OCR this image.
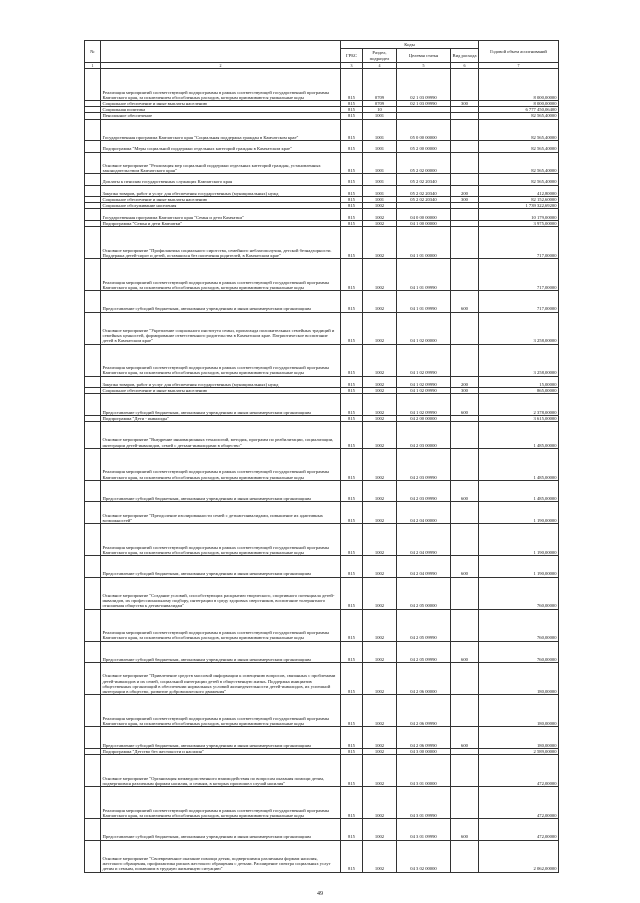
№		Коды				Годовой объем ассигнований
		ГРБС	Раздел, подраздел	Целевая статья	Вид расхода	
1	2	3	4	5	6	7
	Реализация мероприятий соответствующей подпрограммы в рамках соответствующей государственной программы Камчатского края, за исключением обособленных расходов, которым присваиваются уникальные коды	815	0709	02 1 03 09990		8 000,00000
	Социальное обеспечение и иные выплаты населению	815	0709	02 1 03 09990	300	8 000,00000
	Социальная политика	815	10			6 777 450,06400
	Пенсионное обеспечение	815	1001			82 565,40000
	Государственная программа Камчатского края "Социальная поддержка граждан в Камчатском крае"	815	1001	05 0 00 00000		82 565,40000
	Подпрограмма "Меры социальной поддержки отдельных категорий граждан в Камчатском крае"	815	1001	05 2 00 00000		82 565,40000
	Основное мероприятие "Реализация мер социальной поддержки отдельных категорий граждан, установленных законодательством Камчатского края"	815	1001	05 2 02 00000		82 565,40000
	Доплаты к пенсиям государственных служащих Камчатского края	815	1001	05 2 02 20340		82 565,40000
	Закупка товаров, работ и услуг для обеспечения государственных (муниципальных) нужд	815	1001	05 2 02 20340	200	412,80000
	Социальное обеспечение и иные выплаты населению	815	1001	05 2 02 20340	300	82 152,60000
	Социальное обслуживание населения	815	1002			1 739 322,69200
	Государственная программа Камчатского края "Семья и дети Камчатки"	815	1002	04 0 00 00000		10 179,00000
	Подпрограмма "Семья и дети Камчатки"	815	1002	04 1 00 00000		3 975,00000
	Основное мероприятие "Профилактика социального сиротства, семейного неблагополучия, детской безнадзорности. Поддержка детей-сирот и детей, оставшихся без попечения родителей, в Камчатском крае"	815	1002	04 1 01 00000		717,00000
	Реализация мероприятий соответствующей подпрограммы в рамках соответствующей государственной программы Камчатского края, за исключением обособленных расходов, которым присваиваются уникальные коды	815	1002	04 1 01 09990		717,00000
	Предоставление субсидий бюджетным, автономным учреждениям и иным некоммерческим организациям	815	1002	04 1 01 09990	600	717,00000
	Основное мероприятие "Укрепление социального института семьи, пропаганда положительных семейных традиций и семейных ценностей, формирование ответственного родительства в Камчатском крае. Патриотическое воспитание детей в Камчатском крае"	815	1002	04 1 02 00000		3 258,00000
	Реализация мероприятий соответствующей подпрограммы в рамках соответствующей государственной программы Камчатского края, за исключением обособленных расходов, которым присваиваются уникальные коды	815	1002	04 1 02 09990		3 258,00000
	Закупка товаров, работ и услуг для обеспечения государственных (муниципальных) нужд	815	1002	04 1 02 09990	200	15,00000
	Социальное обеспечение и иные выплаты населению	815	1002	04 1 02 09990	300	865,00000
	Предоставление субсидий бюджетным, автономным учреждениям и иным некоммерческим организациям	815	1002	04 1 02 09990	600	2 378,00000
	Подпрограмма "Дети - инвалиды"	815	1002	04 2 00 00000		3 615,00000
	Основное мероприятие "Внедрение инновационных технологий, методик, программ по реабилитации, социализации, интеграции детей-инвалидов, семей с детьми-инвалидами в общество"	815	1002	04 2 03 00000		1 485,00000
	Реализация мероприятий соответствующей подпрограммы в рамках соответствующей государственной программы Камчатского края, за исключением обособленных расходов, которым присваиваются уникальные коды	815	1002	04 2 03 09990		1 485,00000
	Предоставление субсидий бюджетным, автономным учреждениям и иным некоммерческим организациям	815	1002	04 2 03 09990	600	1 485,00000
	Основное мероприятие "Преодоление изолированности семей с детьми-инвалидами, повышение их адаптивных возможностей"	815	1002	04 2 04 00000		1 190,00000
	Реализация мероприятий соответствующей подпрограммы в рамках соответствующей государственной программы Камчатского края, за исключением обособленных расходов, которым присваиваются уникальные коды	815	1002	04 2 04 09990		1 190,00000
	Предоставление субсидий бюджетным, автономным учреждениям и иным некоммерческим организациям	815	1002	04 2 04 09990	600	1 190,00000
	Основное мероприятие "Создание условий, способствующих раскрытию творческого, спортивного потенциала детей-инвалидов, их профессиональному подбору, интеграции в среду здоровых сверстников, воспитание толерантного отношения общества к детям-инвалидам"	815	1002	04 2 05 00000		760,00000
	Реализация мероприятий соответствующей подпрограммы в рамках соответствующей государственной программы Камчатского края, за исключением обособленных расходов, которым присваиваются уникальные коды	815	1002	04 2 05 09990		760,00000
	Предоставление субсидий бюджетным, автономным учреждениям и иным некоммерческим организациям	815	1002	04 2 05 09990	600	760,00000
	Основное мероприятие "Привлечение средств массовой информации к освещению вопросов, связанных с проблемами детей-инвалидов и их семей, социальной интеграции детей в общественную жизнь. Поддержка инициатив общественных организаций в обеспечении нормальных условий жизнедеятельности детей-инвалидов, их успешной интеграции в общество, развитие добровольческого движения"	815	1002	04 2 06 00000		180,00000
	Реализация мероприятий соответствующей подпрограммы в рамках соответствующей государственной программы Камчатского края, за исключением обособленных расходов, которым присваиваются уникальные коды	815	1002	04 2 06 09990		180,00000
	Предоставление субсидий бюджетным, автономным учреждениям и иным некоммерческим организациям	815	1002	04 2 06 09990	600	180,00000
	Подпрограмма "Детство без жестокости и насилия"	815	1002	04 3 00 00000		2 589,00000
	Основное мероприятие "Организация межведомственного взаимодействия по вопросам оказания помощи детям, подвергшимся различным формам насилия, и семьям, в которых произошел случай насилия"	815	1002	04 3 01 00000		472,00000
	Реализация мероприятий соответствующей подпрограммы в рамках соответствующей государственной программы Камчатского края, за исключением обособленных расходов, которым присваиваются уникальные коды	815	1002	04 3 01 09990		472,00000
	Предоставление субсидий бюджетным, автономным учреждениям и иным некоммерческим организациям	815	1002	04 3 01 09990	600	472,00000
	Основное мероприятие "Своевременное оказание помощи детям, подвергшимся различным формам насилия, жестокого обращения, профилактика рисков жестокого обращения с детьми. Расширение спектра социальных услуг детям и семьям, попавшим в трудную жизненную ситуацию"	815	1002	04 3 02 00000		2 062,00000
49
